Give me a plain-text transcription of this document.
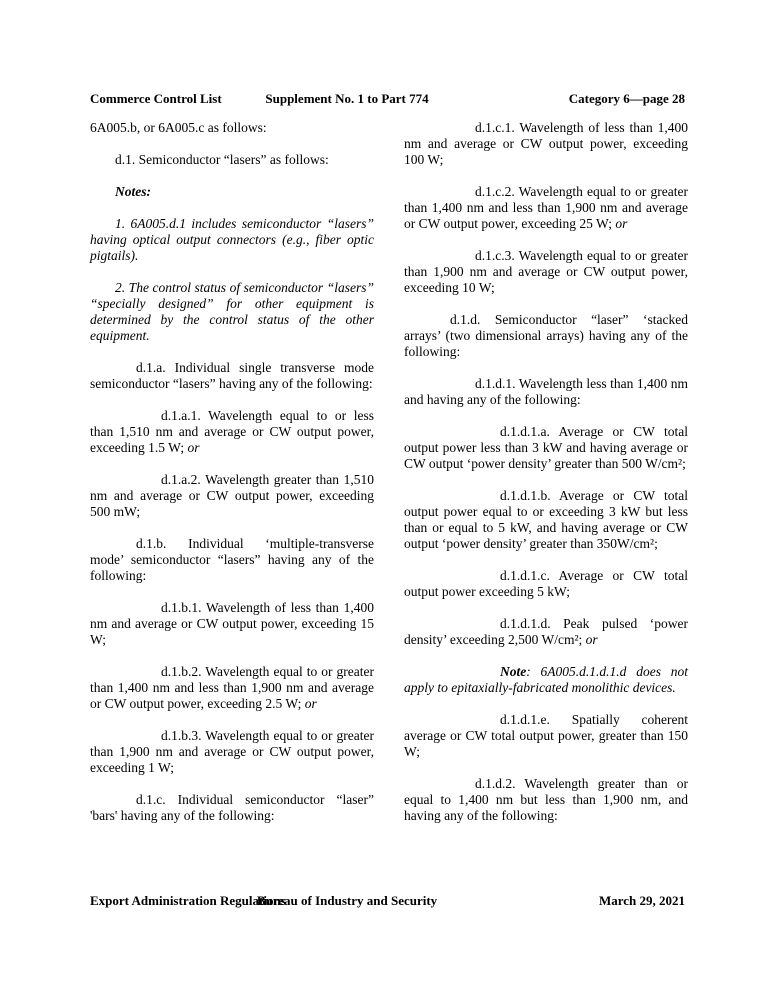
Commerce Control List	Supplement No. 1 to Part 774	Category 6—page 28

6A005.b, or 6A005.c as follows:

d.1. Semiconductor “lasers” as follows:

Notes:

1. 6A005.d.1 includes semiconductor “lasers” having optical output connectors (e.g., fiber optic pigtails).

2. The control status of semiconductor “lasers” “specially designed” for other equipment is determined by the control status of the other equipment.

d.1.a. Individual single transverse mode semiconductor “lasers” having any of the following:

d.1.a.1. Wavelength equal to or less than 1,510 nm and average or CW output power, exceeding 1.5 W; or

d.1.a.2. Wavelength greater than 1,510 nm and average or CW output power, exceeding 500 mW;

d.1.b. Individual ‘multiple-transverse mode’ semiconductor “lasers” having any of the following:

d.1.b.1. Wavelength of less than 1,400 nm and average or CW output power, exceeding 15 W;

d.1.b.2. Wavelength equal to or greater than 1,400 nm and less than 1,900 nm and average or CW output power, exceeding 2.5 W; or

d.1.b.3. Wavelength equal to or greater than 1,900 nm and average or CW output power, exceeding 1 W;

d.1.c. Individual semiconductor “laser” 'bars' having any of the following:

d.1.c.1. Wavelength of less than 1,400 nm and average or CW output power, exceeding 100 W;

d.1.c.2. Wavelength equal to or greater than 1,400 nm and less than 1,900 nm and average or CW output power, exceeding 25 W; or

d.1.c.3. Wavelength equal to or greater than 1,900 nm and average or CW output power, exceeding 10 W;

d.1.d. Semiconductor “laser” ‘stacked arrays’ (two dimensional arrays) having any of the following:

d.1.d.1. Wavelength less than 1,400 nm and having any of the following:

d.1.d.1.a. Average or CW total output power less than 3 kW and having average or CW output ‘power density’ greater than 500 W/cm²;

d.1.d.1.b. Average or CW total output power equal to or exceeding 3 kW but less than or equal to 5 kW, and having average or CW output ‘power density’ greater than 350W/cm²;

d.1.d.1.c. Average or CW total output power exceeding 5 kW;

d.1.d.1.d. Peak pulsed ‘power density’ exceeding 2,500 W/cm²; or

Note: 6A005.d.1.d.1.d does not apply to epitaxially-fabricated monolithic devices.

d.1.d.1.e. Spatially coherent average or CW total output power, greater than 150 W;

d.1.d.2. Wavelength greater than or equal to 1,400 nm but less than 1,900 nm, and having any of the following:

Export Administration Regulations
Bureau of Industry and Security	March 29, 2021
